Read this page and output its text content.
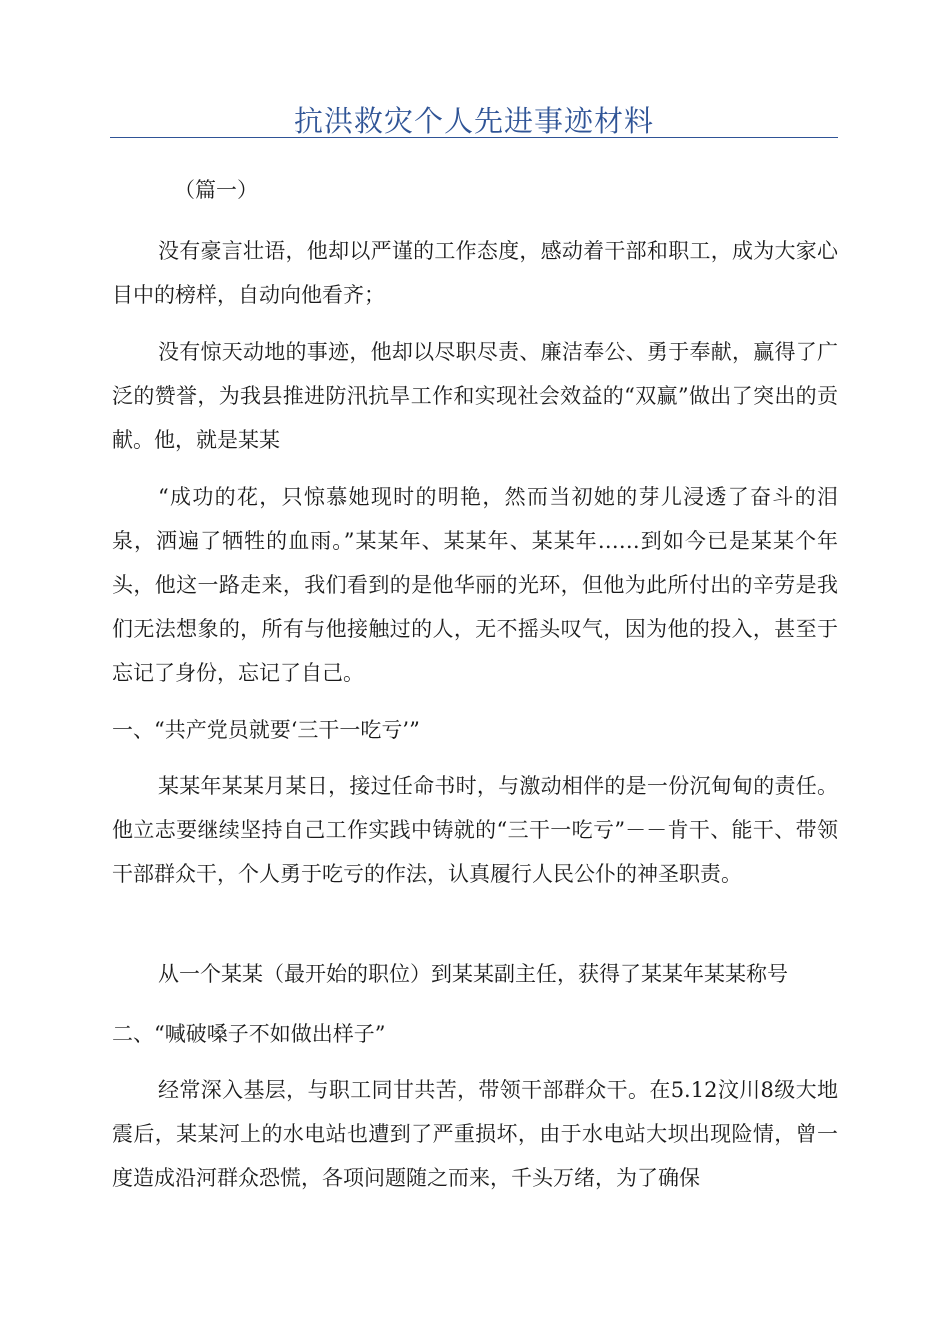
抗洪救灾个人先进事迹材料

（篇一）

没有豪言壮语，他却以严谨的工作态度，感动着干部和职工，成为大家心目中的榜样，自动向他看齐；

没有惊天动地的事迹，他却以尽职尽责、廉洁奉公、勇于奉献，赢得了广泛的赞誉，为我县推进防汛抗旱工作和实现社会效益的“双赢”做出了突出的贡献。他，就是某某

“成功的花，只惊慕她现时的明艳，然而当初她的芽儿浸透了奋斗的泪泉，洒遍了牺牲的血雨。”某某年、某某年、某某年……到如今已是某某个年头，他这一路走来，我们看到的是他华丽的光环，但他为此所付出的辛劳是我们无法想象的，所有与他接触过的人，无不摇头叹气，因为他的投入，甚至于忘记了身份，忘记了自己。

一、“共产党员就要‘三干一吃亏’”

某某年某某月某日，接过任命书时，与激动相伴的是一份沉甸甸的责任。他立志要继续坚持自己工作实践中铸就的“三干一吃亏”－－肯干、能干、带领干部群众干，个人勇于吃亏的作法，认真履行人民公仆的神圣职责。

从一个某某（最开始的职位）到某某副主任，获得了某某年某某称号

二、“喊破嗓子不如做出样子”

经常深入基层，与职工同甘共苦，带领干部群众干。在5.12汶川8级大地震后，某某河上的水电站也遭到了严重损坏，由于水电站大坝出现险情，曾一度造成沿河群众恐慌，各项问题随之而来，千头万绪，为了确保
